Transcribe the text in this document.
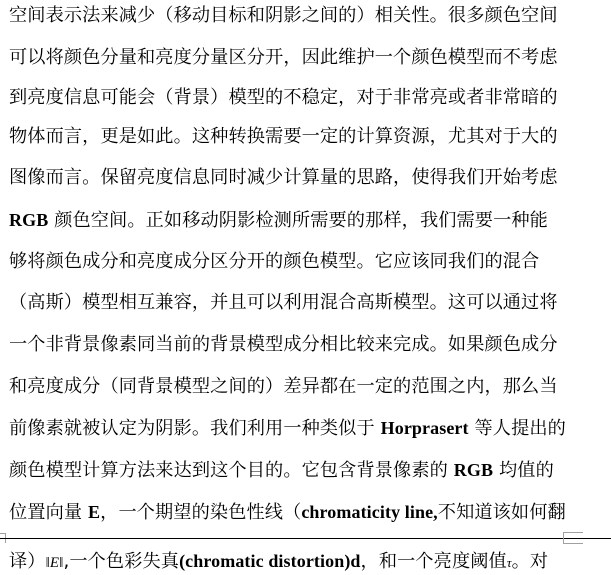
空间表示法来减少（移动目标和阴影之间的）相关性。很多颜色空间
可以将颜色分量和亮度分量区分开，因此维护一个颜色模型而不考虑
到亮度信息可能会（背景）模型的不稳定，对于非常亮或者非常暗的
物体而言，更是如此。这种转换需要一定的计算资源，尤其对于大的
图像而言。保留亮度信息同时减少计算量的思路，使得我们开始考虑
RGB 颜色空间。正如移动阴影检测所需要的那样，我们需要一种能
够将颜色成分和亮度成分区分开的颜色模型。它应该同我们的混合
（高斯）模型相互兼容，并且可以利用混合高斯模型。这可以通过将
一个非背景像素同当前的背景模型成分相比较来完成。如果颜色成分
和亮度成分（同背景模型之间的）差异都在一定的范围之内，那么当
前像素就被认定为阴影。我们利用一种类似于 Horprasert 等人提出的
颜色模型计算方法来达到这个目的。它包含背景像素的 RGB 均值的
位置向量 E，一个期望的染色性线（chromaticity line,不知道该如何翻
译）‖E‖,一个色彩失真(chromatic distortion)d，和一个亮度阈值τ。对
